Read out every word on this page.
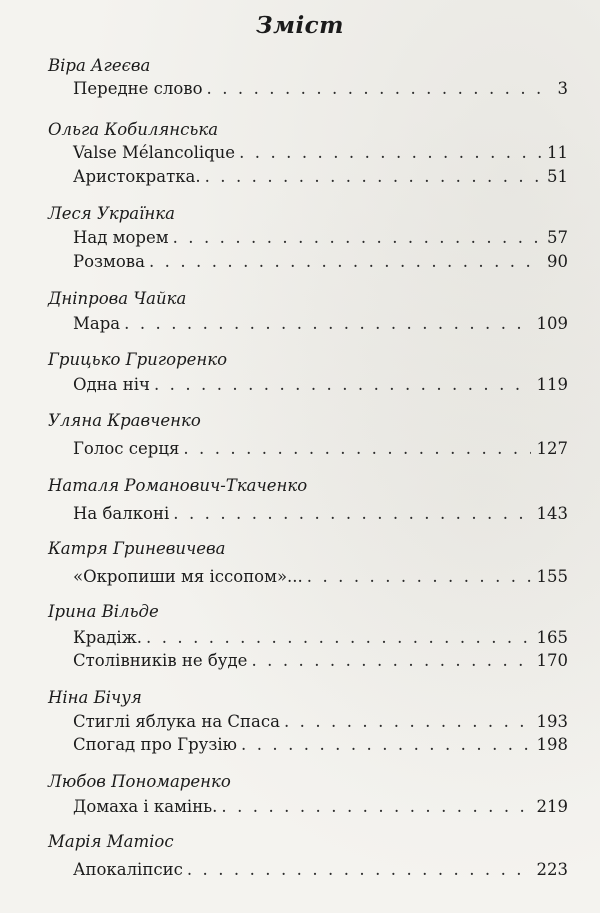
Зміст
Віра Агеєва
Передне слово . . .	3
Ольга Кобилянська
Valse Mélancolique . . .	11
Аристократка. . . .	51
Леся Українка
Над морем . . .	57
Розмова . . .	90
Дніпрова Чайка
Мара . . .	109
Грицько Григоренко
Одна ніч . . .	119
Уляна Кравченко
Голос серця . . .	127
Наталя Романович-Ткаченко
На балконі . . .	143
Катря Гриневичева
«Окропиши мя іссопом»... . . .	155
Ірина Вільде
Крадіж. . . .	165
Столівників не буде . . .	170
Ніна Бічуя
Стиглі яблука на Спаса . . .	193
Спогад про Грузію . . .	198
Любов Пономаренко
Домаха і камінь. . . .	219
Марія Матіос
Апокаліпсис . . .	223
